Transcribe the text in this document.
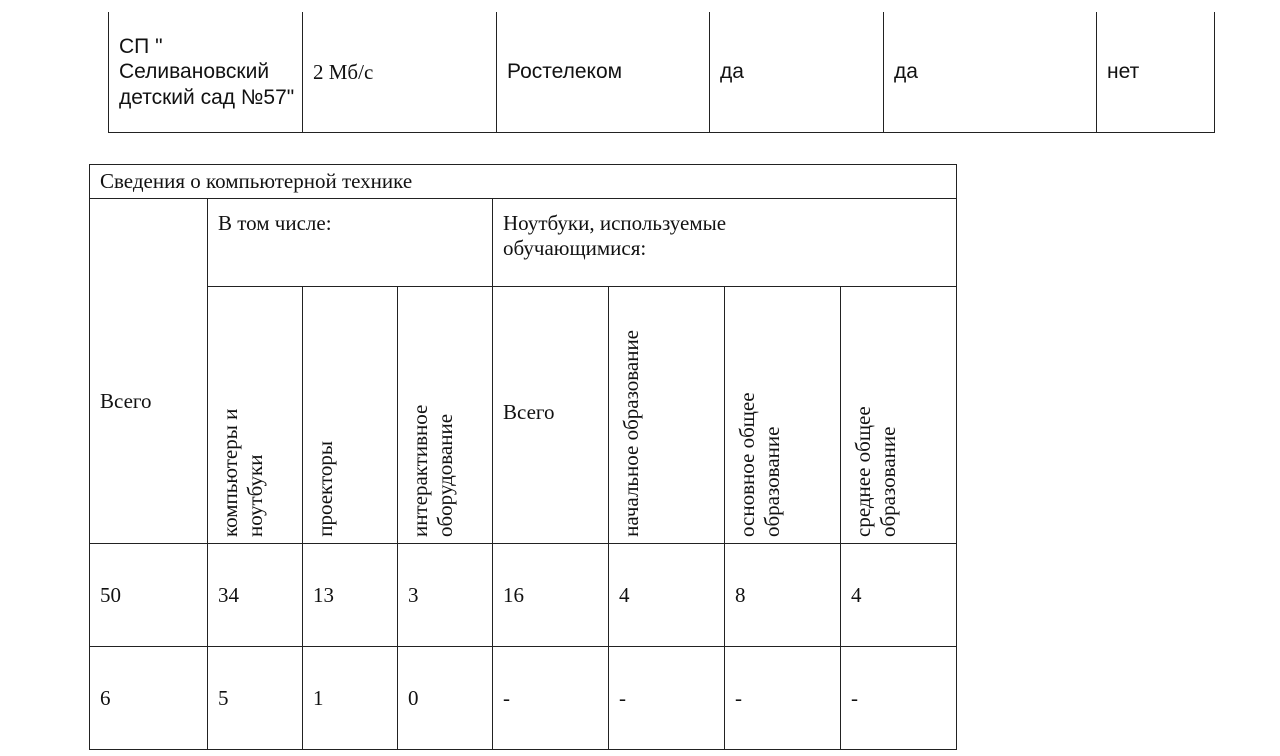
СП " Селивановский детский сад №57"	2 Мб/с	Ростелеком	да	да	нет
Сведения о компьютерной технике							
Всего	В том числе:			Ноутбуки, используемые обучающимися:			
	компьютеры и ноутбуки	проекторы	интерактивное оборудование	Всего	начальное образование	основное общее образование	среднее общее образование
50	34	13	3	16	4	8	4
6	5	1	0	-	-	-	-
